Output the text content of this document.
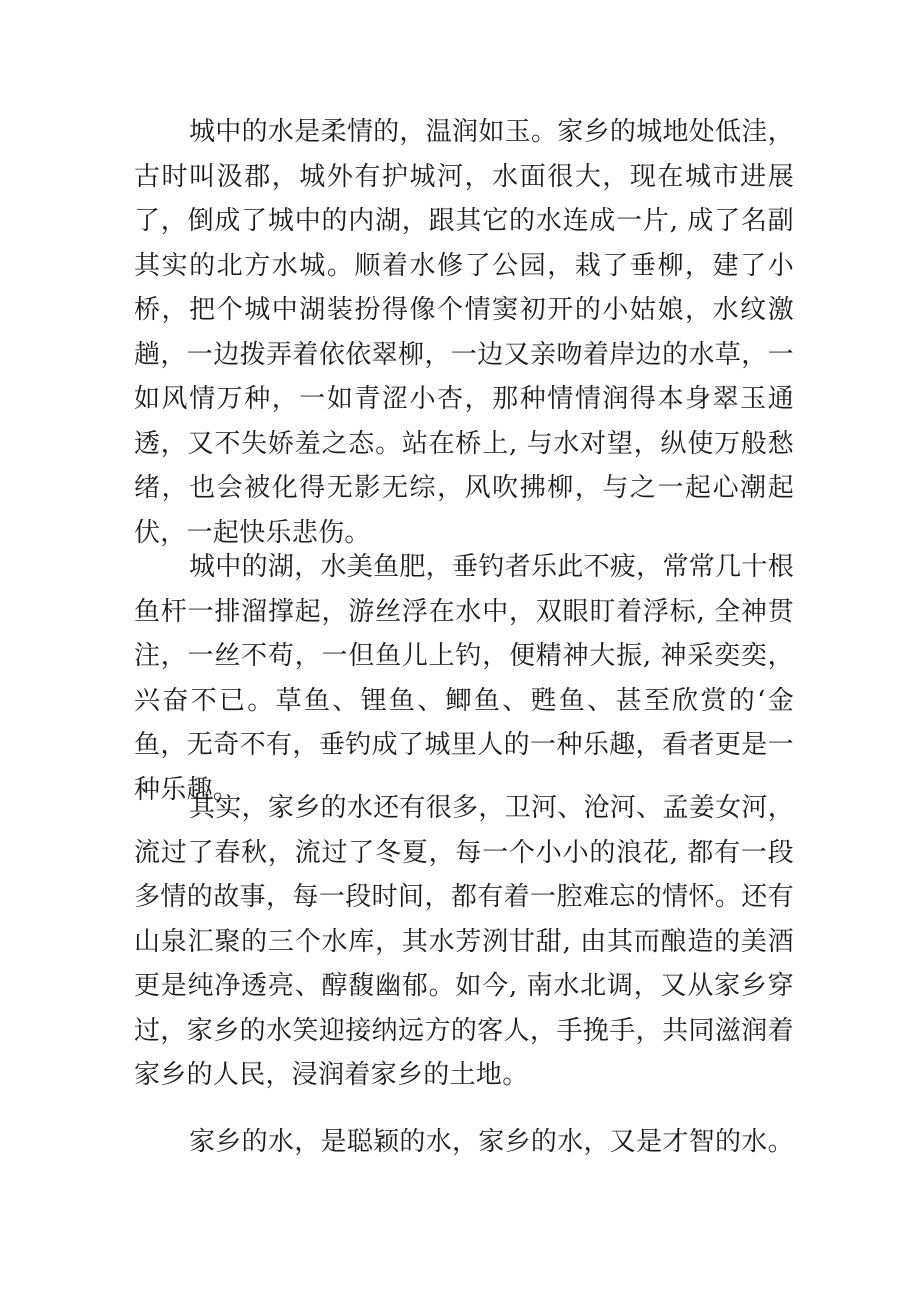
城中的水是柔情的，温润如玉。家乡的城地处低洼，古时叫汲郡，城外有护城河，水面很大，现在城市进展了，倒成了城中的内湖，跟其它的水连成一片, 成了名副其实的北方水城。顺着水修了公园，栽了垂柳，建了小桥，把个城中湖装扮得像个情窦初开的小姑娘，水纹激趟，一边拨弄着依依翠柳，一边又亲吻着岸边的水草，一如风情万种，一如青涩小杏，那种情情润得本身翠玉通透，又不失娇羞之态。站在桥上, 与水对望，纵使万般愁绪，也会被化得无影无综，风吹拂柳，与之一起心潮起伏，一起快乐悲伤。

城中的湖，水美鱼肥，垂钓者乐此不疲，常常几十根鱼杆一排溜撑起，游丝浮在水中，双眼盯着浮标, 全神贯注，一丝不苟，一但鱼儿上钓，便精神大振, 神采奕奕，兴奋不已。草鱼、锂鱼、鲫鱼、甦鱼、甚至欣赏的‘金鱼，无奇不有，垂钓成了城里人的一种乐趣，看者更是一种乐趣。

其实，家乡的水还有很多，卫河、沧河、孟姜女河，流过了春秋，流过了冬夏，每一个小小的浪花, 都有一段多情的故事，每一段时间，都有着一腔难忘的情怀。还有山泉汇聚的三个水库，其水芳洌甘甜, 由其而酿造的美酒更是纯净透亮、醇馥幽郁。如今, 南水北调，又从家乡穿过，家乡的水笑迎接纳远方的客人，手挽手，共同滋润着家乡的人民，浸润着家乡的土地。

家乡的水，是聪颖的水，家乡的水，又是才智的水。
